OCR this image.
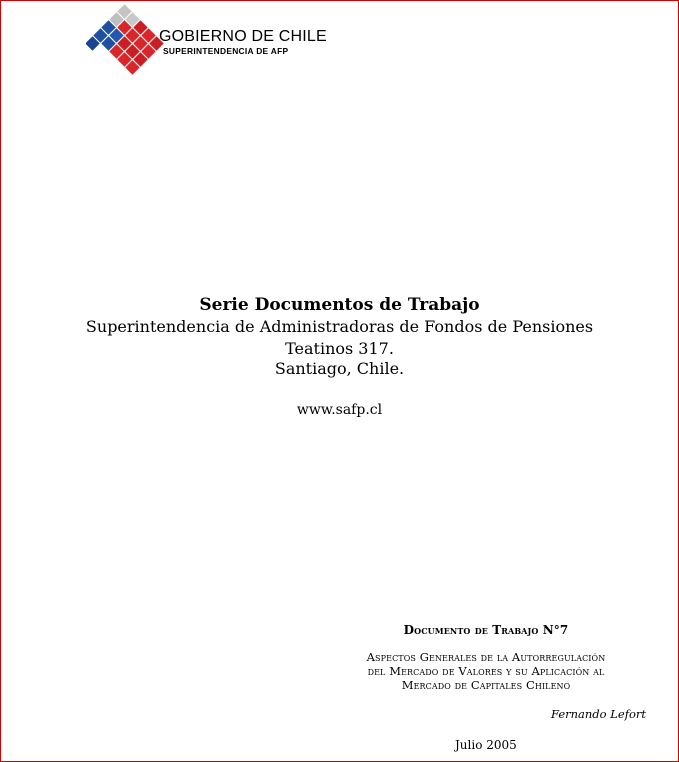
GOBIERNO DE CHILE
SUPERINTENDENCIA DE AFP
Serie Documentos de Trabajo
Superintendencia de Administradoras de Fondos de Pensiones
Teatinos 317.
Santiago, Chile.
www.safp.cl
Documento de Trabajo N°7
Aspectos Generales de la Autorregulación
del Mercado de Valores y su Aplicación al
Mercado de Capitales Chileno
Fernando Lefort
Julio 2005
